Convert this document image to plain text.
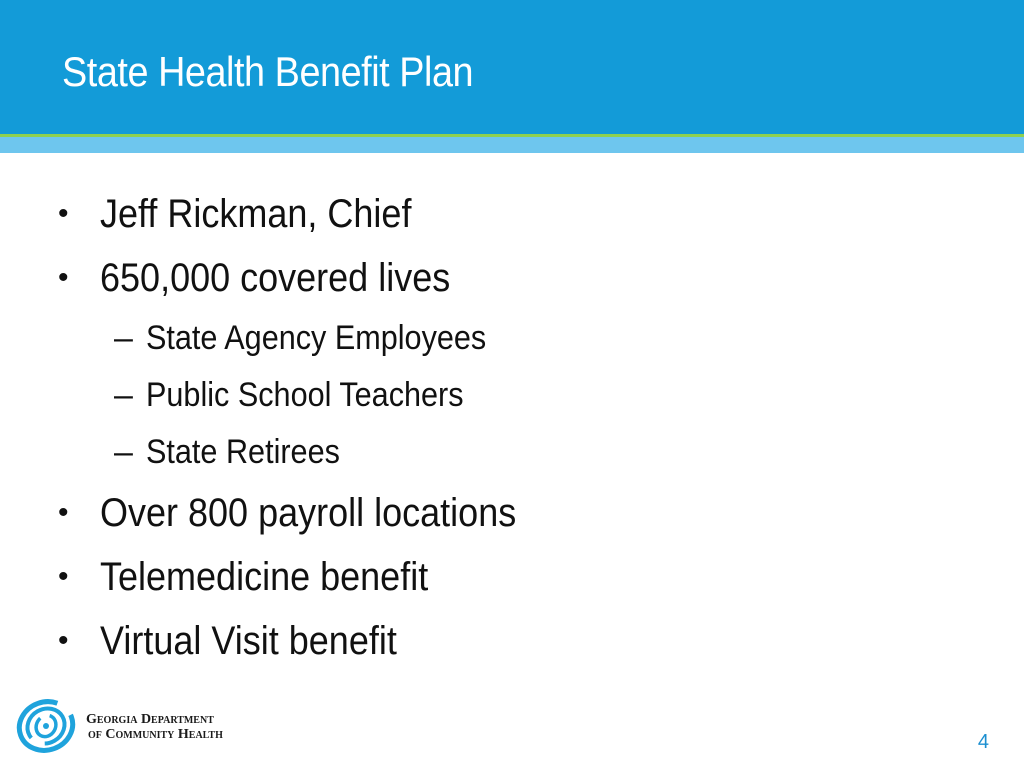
State Health Benefit Plan
• Jeff Rickman, Chief
• 650,000 covered lives
– State Agency Employees
– Public School Teachers
– State Retirees
• Over 800 payroll locations
• Telemedicine benefit
• Virtual Visit benefit
Georgia Department
of Community Health	4
